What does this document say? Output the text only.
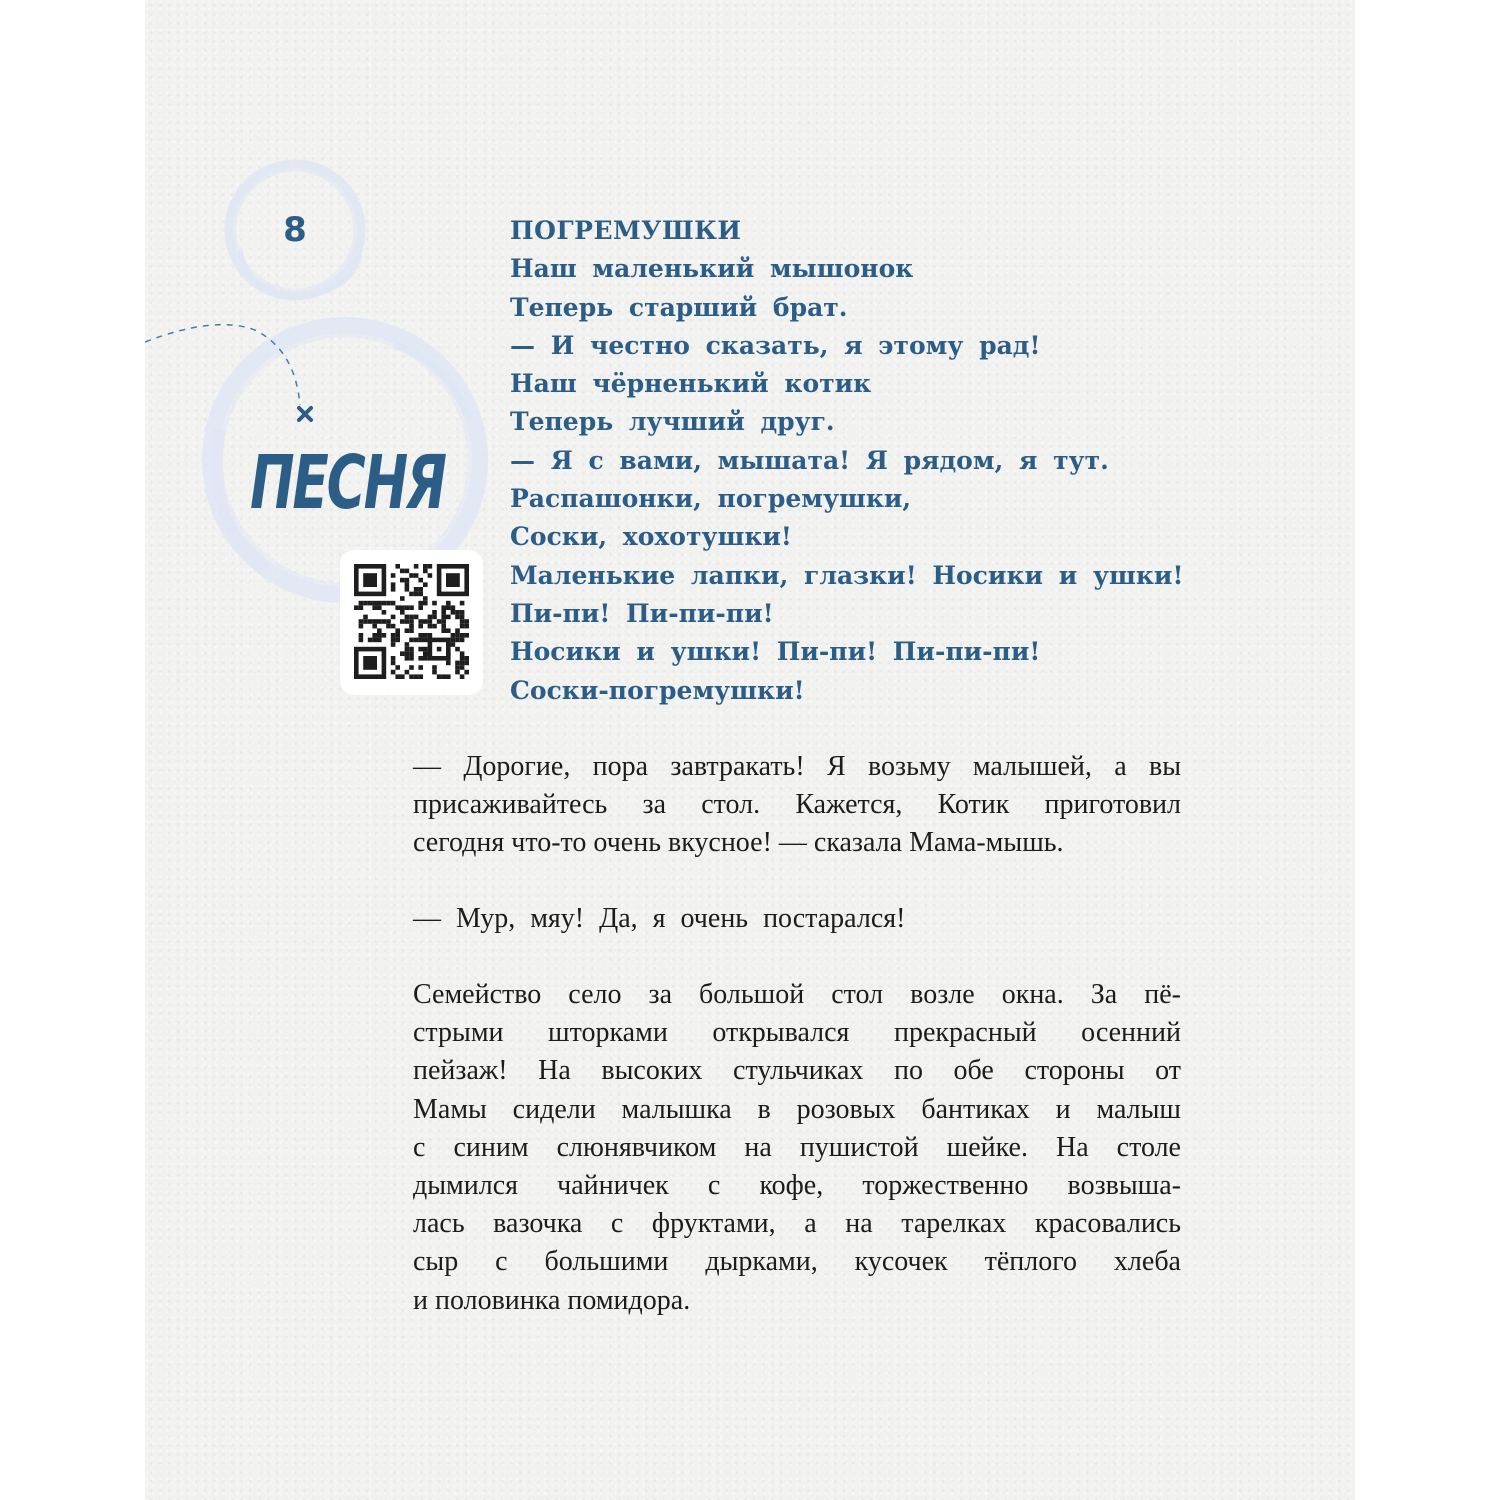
8
ПЕСНЯ
ПОГРЕМУШКИ
Наш маленький мышонок
Теперь старший брат.
— И честно сказать, я этому рад!
Наш чёрненький котик
Теперь лучший друг.
— Я с вами, мышата! Я рядом, я тут.
Распашонки, погремушки,
Соски, хохотушки!
Маленькие лапки, глазки! Носики и ушки!
Пи-пи! Пи-пи-пи!
Носики и ушки! Пи-пи! Пи-пи-пи!
Соски-погремушки!
— Дорогие, пора завтракать! Я возьму малышей, а вы
присаживайтесь за стол. Кажется, Котик приготовил
сегодня что-то очень вкусное! — сказала Мама-мышь.
— Мур, мяу! Да, я очень постарался!
Семейство село за большой стол возле окна. За пё-
стрыми шторками открывался прекрасный осенний
пейзаж! На высоких стульчиках по обе стороны от
Мамы сидели малышка в розовых бантиках и малыш
с синим слюнявчиком на пушистой шейке. На столе
дымился чайничек с кофе, торжественно возвыша-
лась вазочка с фруктами, а на тарелках красовались
сыр с большими дырками, кусочек тёплого хлеба
и половинка помидора.
